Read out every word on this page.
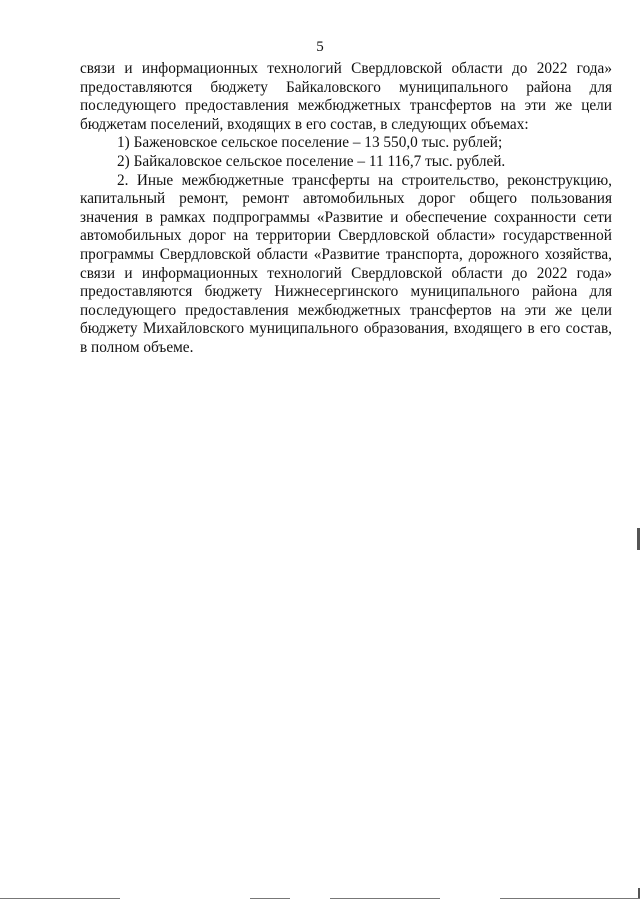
5
связи и информационных технологий Свердловской области до 2022 года»
предоставляются бюджету Байкаловского муниципального района для
последующего предоставления межбюджетных трансфертов на эти же цели
бюджетам поселений, входящих в его состав, в следующих объемах:
1) Баженовское сельское поселение – 13 550,0 тыс. рублей;
2) Байкаловское сельское поселение – 11 116,7 тыс. рублей.
2. Иные межбюджетные трансферты на строительство, реконструкцию,
капитальный ремонт, ремонт автомобильных дорог общего пользования
значения в рамках подпрограммы «Развитие и обеспечение сохранности сети
автомобильных дорог на территории Свердловской области» государственной
программы Свердловской области «Развитие транспорта, дорожного хозяйства,
связи и информационных технологий Свердловской области до 2022 года»
предоставляются бюджету Нижнесергинского муниципального района для
последующего предоставления межбюджетных трансфертов на эти же цели
бюджету Михайловского муниципального образования, входящего в его состав,
в полном объеме.
